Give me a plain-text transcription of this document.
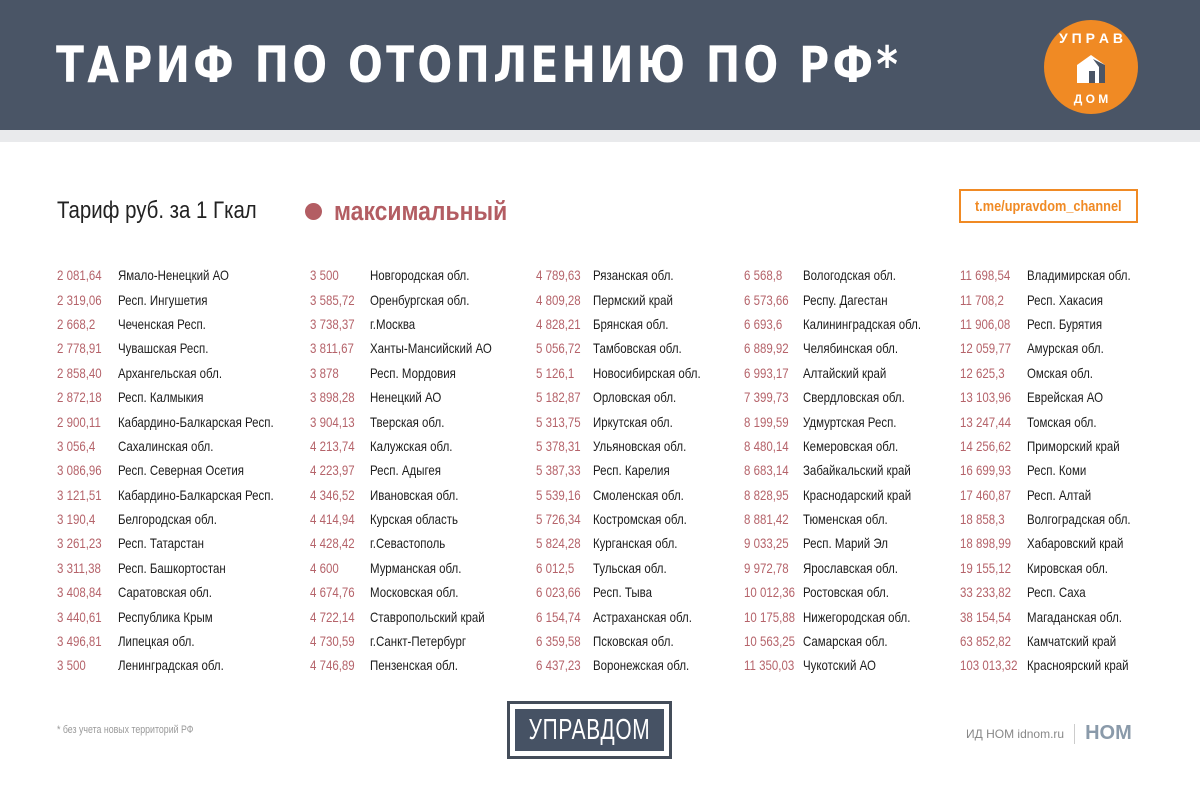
ТАРИФ ПО ОТОПЛЕНИЮ ПО РФ*	У П Р А В
Д О М
Тариф руб. за 1 Гкал	максимальный	t.me/upravdom_channel
2 081,64 Ямало-Ненецкий АО
2 319,06 Респ. Ингушетия
2 668,2 Чеченская Респ.
2 778,91 Чувашская Респ.
2 858,40 Архангельская обл.
2 872,18 Респ. Калмыкия
2 900,11 Кабардино-Балкарская Респ.
3 056,4 Сахалинская обл.
3 086,96 Респ. Северная Осетия
3 121,51 Кабардино-Балкарская Респ.
3 190,4 Белгородская обл.
3 261,23 Респ. Татарстан
3 311,38 Респ. Башкортостан
3 408,84 Саратовская обл.
3 440,61 Республика Крым
3 496,81 Липецкая обл.
3 500 Ленинградская обл.
3 500 Новгородская обл.
3 585,72 Оренбургская обл.
3 738,37 г.Москва
3 811,67 Ханты-Мансийский АО
3 878 Респ. Мордовия
3 898,28 Ненецкий АО
3 904,13 Тверская обл.
4 213,74 Калужская обл.
4 223,97 Респ. Адыгея
4 346,52 Ивановская обл.
4 414,94 Курская область
4 428,42 г.Севастополь
4 600 Мурманская обл.
4 674,76 Московская обл.
4 722,14 Ставропольский край
4 730,59 г.Санкт-Петербург
4 746,89 Пензенская обл.
4 789,63 Рязанская обл.
4 809,28 Пермский край
4 828,21 Брянская обл.
5 056,72 Тамбовская обл.
5 126,1 Новосибирская обл.
5 182,87 Орловская обл.
5 313,75 Иркутская обл.
5 378,31 Ульяновская обл.
5 387,33 Респ. Карелия
5 539,16 Смоленская обл.
5 726,34 Костромская обл.
5 824,28 Курганская обл.
6 012,5 Тульская обл.
6 023,66 Респ. Тыва
6 154,74 Астраханская обл.
6 359,58 Псковская обл.
6 437,23 Воронежская обл.
6 568,8 Вологодская обл.
6 573,66 Респу. Дагестан
6 693,6 Калининградская обл.
6 889,92 Челябинская обл.
6 993,17 Алтайский край
7 399,73 Свердловская обл.
8 199,59 Удмуртская Респ.
8 480,14 Кемеровская обл.
8 683,14 Забайкальский край
8 828,95 Краснодарский край
8 881,42 Тюменская обл.
9 033,25 Респ. Марий Эл
9 972,78 Ярославская обл.
10 012,36 Ростовская обл.
10 175,88 Нижегородская обл.
10 563,25 Самарская обл.
11 350,03 Чукотский АО
11 698,54 Владимирская обл.
11 708,2 Респ. Хакасия
11 906,08 Респ. Бурятия
12 059,77 Амурская обл.
12 625,3 Омская обл.
13 103,96 Еврейская АО
13 247,44 Томская обл.
14 256,62 Приморский край
16 699,93 Респ. Коми
17 460,87 Респ. Алтай
18 858,3 Волгоградская обл.
18 898,99 Хабаровский край
19 155,12 Кировская обл.
33 233,82 Респ. Саха
38 154,54 Магаданская обл.
63 852,82 Камчатский край
103 013,32 Красноярский край
* без учета новых территорий РФ	УПРАВДОМ	ИД НОМ idnom.ru НОМ
